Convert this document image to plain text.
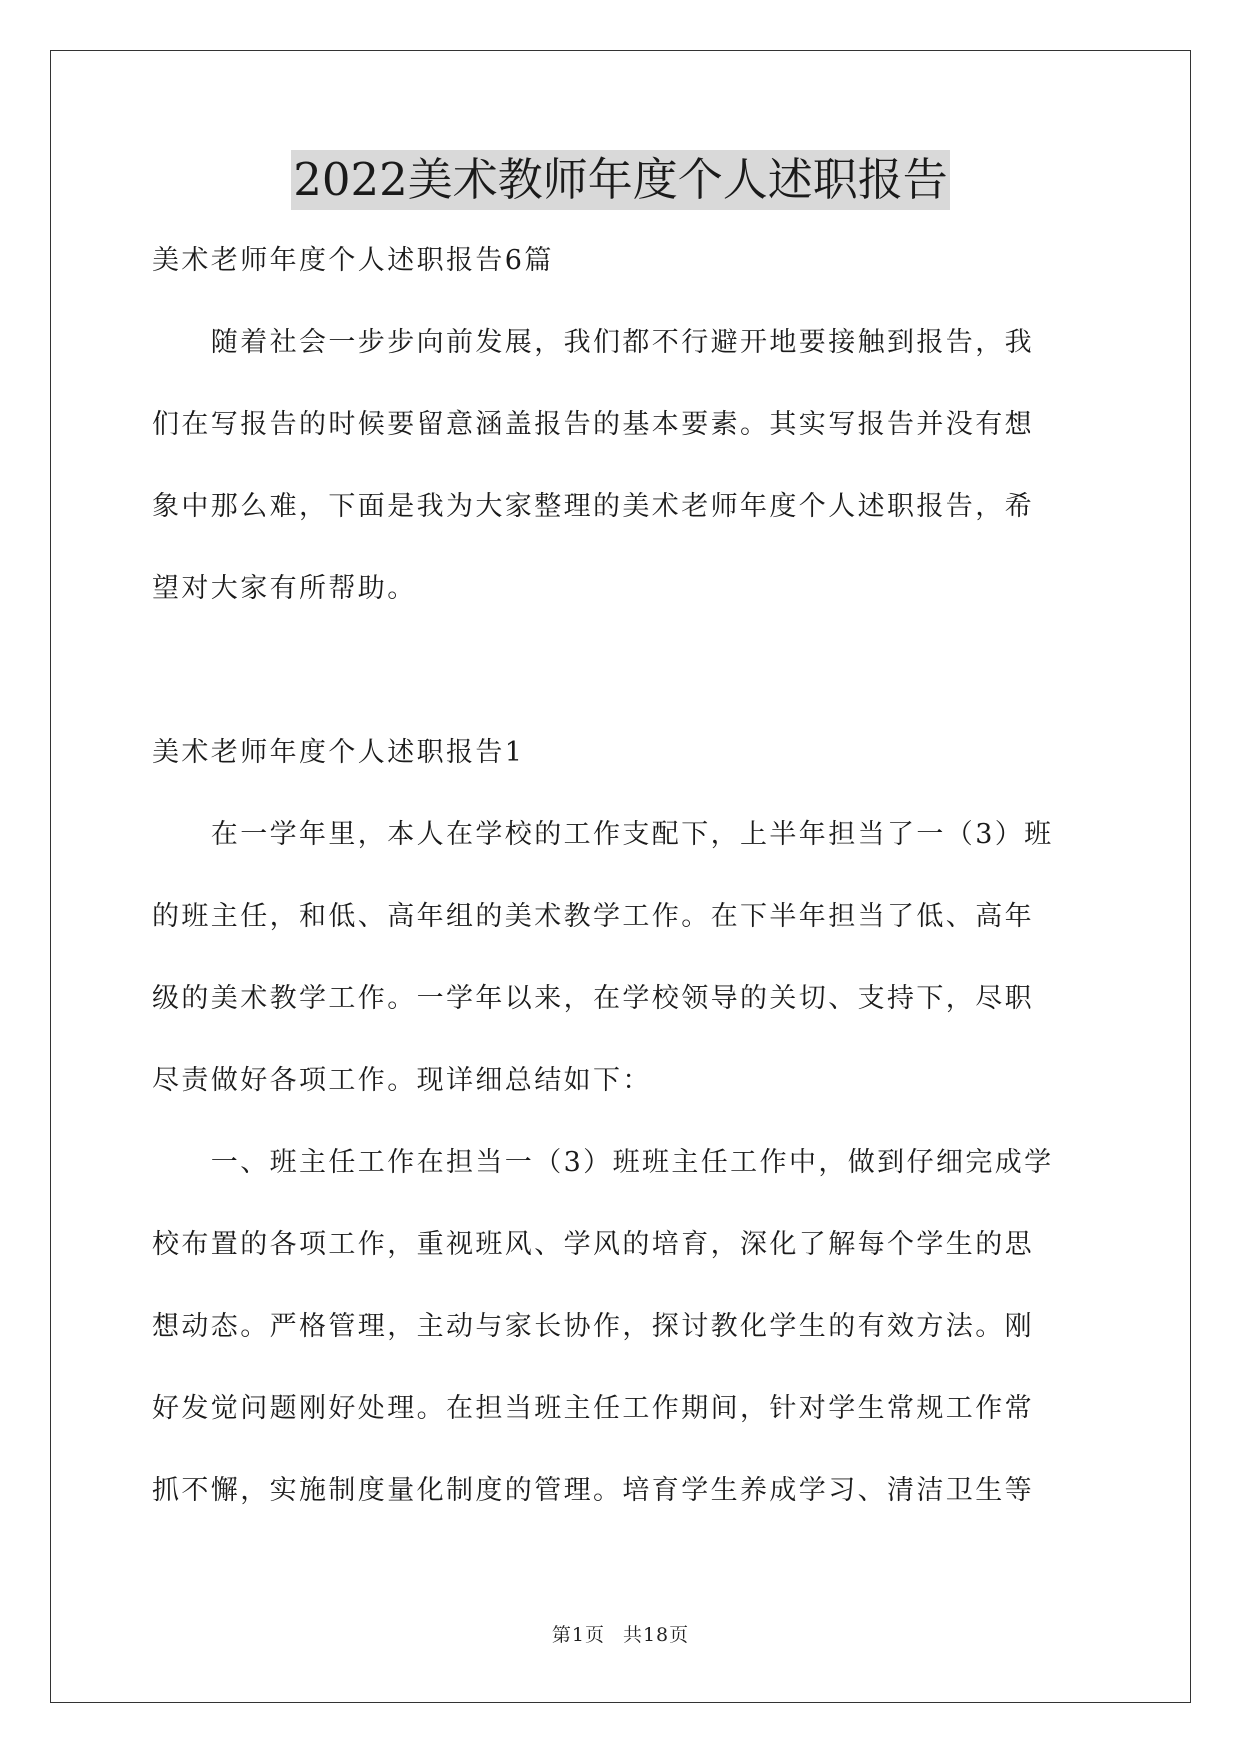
2022美术教师年度个人述职报告
美术老师年度个人述职报告6篇
　　随着社会一步步向前发展，我们都不行避开地要接触到报告，我
们在写报告的时候要留意涵盖报告的基本要素。其实写报告并没有想
象中那么难，下面是我为大家整理的美术老师年度个人述职报告，希
望对大家有所帮助。
美术老师年度个人述职报告1
　　在一学年里，本人在学校的工作支配下，上半年担当了一（3）班
的班主任，和低、高年组的美术教学工作。在下半年担当了低、高年
级的美术教学工作。一学年以来，在学校领导的关切、支持下，尽职
尽责做好各项工作。现详细总结如下：
　　一、班主任工作在担当一（3）班班主任工作中，做到仔细完成学
校布置的各项工作，重视班风、学风的培育，深化了解每个学生的思
想动态。严格管理，主动与家长协作，探讨教化学生的有效方法。刚
好发觉问题刚好处理。在担当班主任工作期间，针对学生常规工作常
抓不懈，实施制度量化制度的管理。培育学生养成学习、清洁卫生等
第1页 共18页
